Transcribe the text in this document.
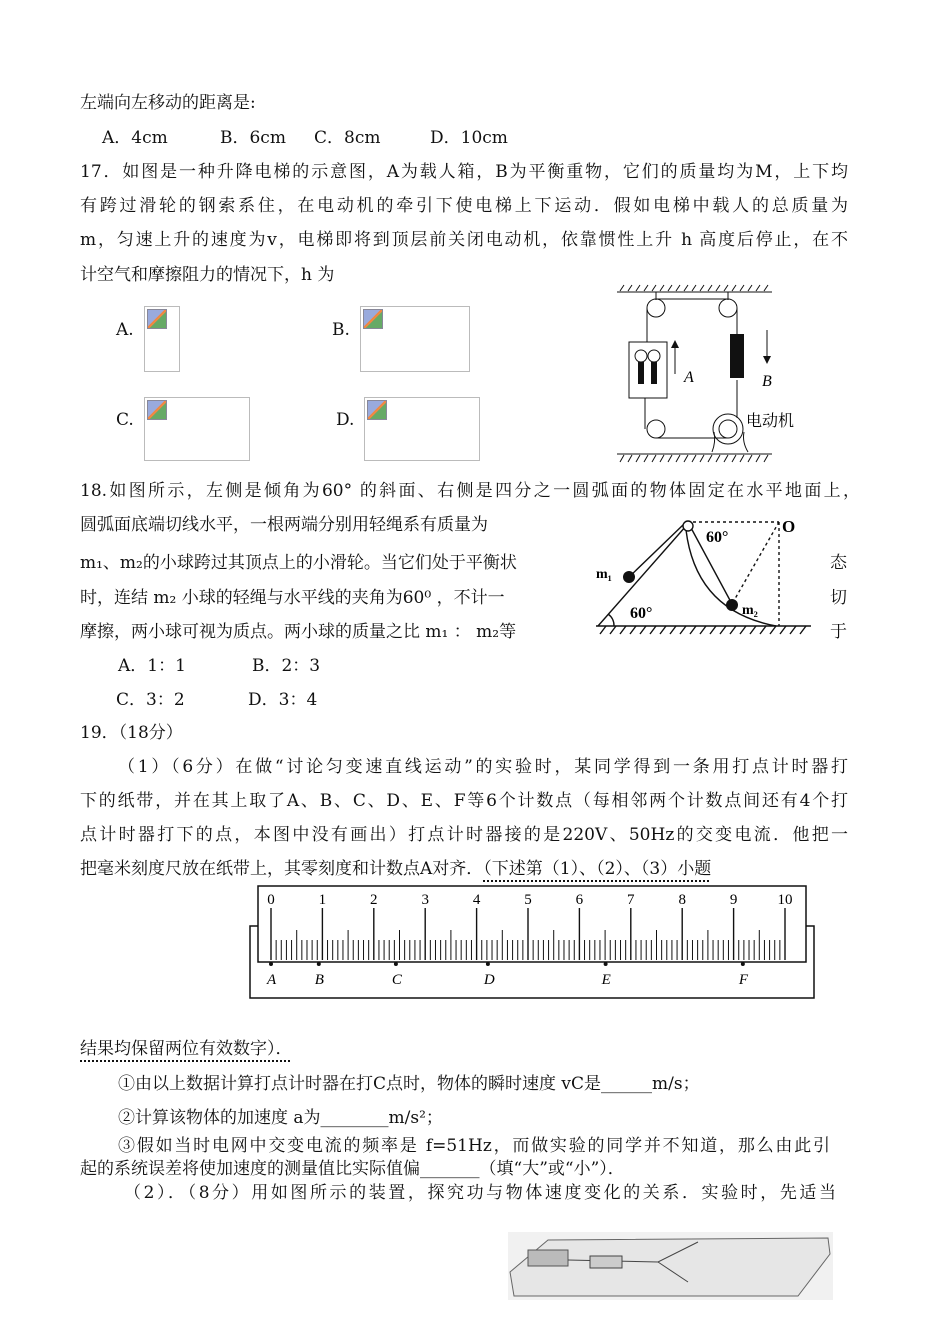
左端向左移动的距离是:
A．4cm	B．6cm C．8cm	D．10cm
17．如图是一种升降电梯的示意图，A为载人箱，B为平衡重物，它们的质量均为M，上下均
有跨过滑轮的钢索系住，在电动机的牵引下使电梯上下运动．假如电梯中载人的总质量为
m，匀速上升的速度为v，电梯即将到顶层前关闭电动机，依靠惯性上升 h 高度后停止，在不
计空气和摩擦阻力的情况下，h 为
A.	B.
C.	D.
A	B
电动机
18.如图所示，左侧是倾角为60° 的斜面、右侧是四分之一圆弧面的物体固定在水平地面上，
圆弧面底端切线水平，一根两端分别用轻绳系有质量为
m₁、m₂的小球跨过其顶点上的小滑轮。当它们处于平衡状	态
时，连结 m₂ 小球的轻绳与水平线的夹角为60⁰ ，不计一	切
摩擦，两小球可视为质点。两小球的质量之比 m₁ ： m₂等	于
A．1：1	B．2：3
C．3：2	D．3：4
60°
60°
O
m₁
m₂
19．（18分）
（1）（6分）在做“讨论匀变速直线运动”的实验时，某同学得到一条用打点计时器打
下的纸带，并在其上取了A、B、C、D、E、F等6个计数点（每相邻两个计数点间还有4个打
点计时器打下的点，本图中没有画出）打点计时器接的是220V、50Hz的交变电流．他把一
把毫米刻度尺放在纸带上，其零刻度和计数点A对齐．（下述第（1）、（2）、（3）小题
0	1	2	3	4	5	6	7	8	9	10
A	B	C	D	E	F
结果均保留两位有效数字）．
①由以上数据计算打点计时器在打C点时，物体的瞬时速度 vC是______m/s；
②计算该物体的加速度 a为________m/s²；
③假如当时电网中交变电流的频率是 f=51Hz，而做实验的同学并不知道，那么由此引
起的系统误差将使加速度的测量值比实际值偏_______（填“大”或“小”）．
（2）．（8分）用如图所示的装置，探究功与物体速度变化的关系．实验时，先适当
